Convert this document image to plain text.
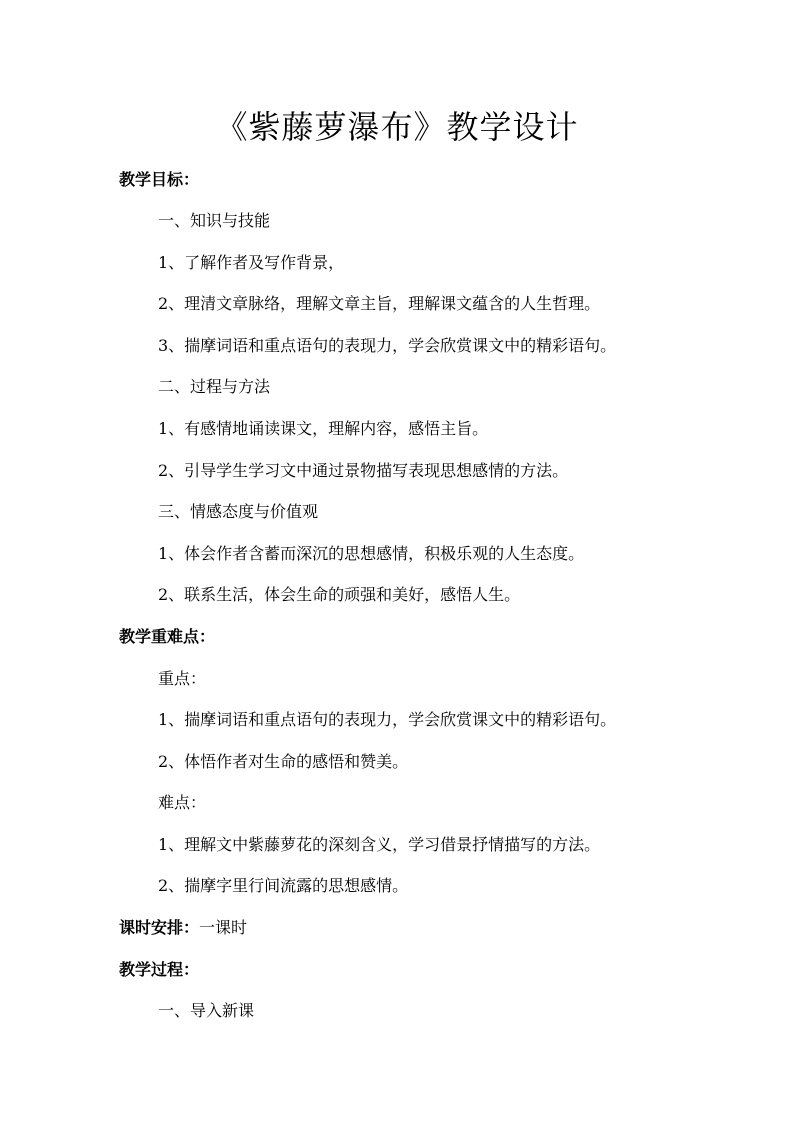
《紫藤萝瀑布》教学设计
教学目标：
一、知识与技能
1、了解作者及写作背景，
2、理清文章脉络，理解文章主旨，理解课文蕴含的人生哲理。
3、揣摩词语和重点语句的表现力，学会欣赏课文中的精彩语句。
二、过程与方法
1、有感情地诵读课文，理解内容，感悟主旨。
2、引导学生学习文中通过景物描写表现思想感情的方法。
三、情感态度与价值观
1、体会作者含蓄而深沉的思想感情，积极乐观的人生态度。
2、联系生活，体会生命的顽强和美好，感悟人生。
教学重难点：
重点：
1、揣摩词语和重点语句的表现力，学会欣赏课文中的精彩语句。
2、体悟作者对生命的感悟和赞美。
难点：
1、理解文中紫藤萝花的深刻含义，学习借景抒情描写的方法。
2、揣摩字里行间流露的思想感情。
课时安排：一课时
教学过程：
一、导入新课
